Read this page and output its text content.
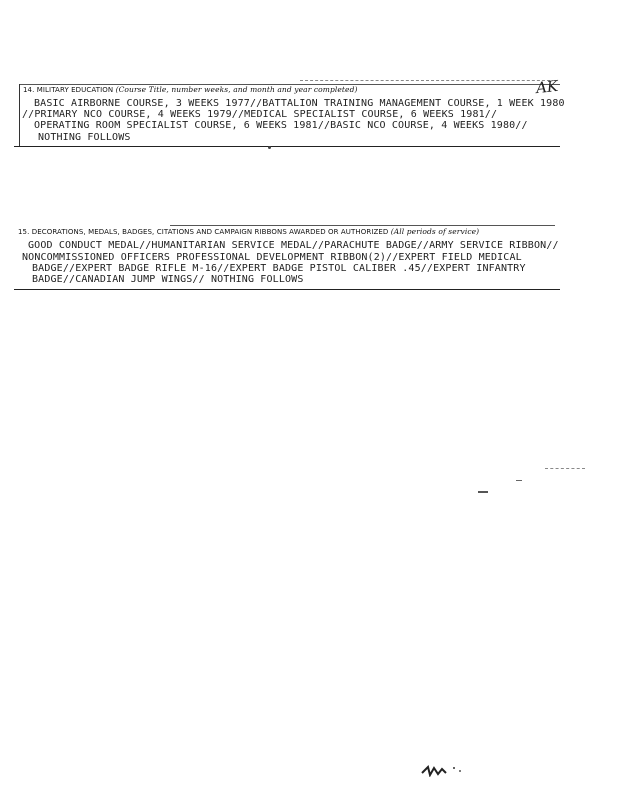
14. MILITARY EDUCATION (Course Title, number weeks, and month and year completed)
BASIC AIRBORNE COURSE, 3 WEEKS 1977//BATTALION TRAINING MANAGEMENT COURSE, 1 WEEK 1980
//PRIMARY NCO COURSE, 4 WEEKS 1979//MEDICAL SPECIALIST COURSE, 6 WEEKS 1981//
OPERATING ROOM SPECIALIST COURSE, 6 WEEKS 1981//BASIC NCO COURSE, 4 WEEKS 1980//
NOTHING FOLLOWS
AK
15. DECORATIONS, MEDALS, BADGES, CITATIONS AND CAMPAIGN RIBBONS AWARDED OR AUTHORIZED (All periods of service)
GOOD CONDUCT MEDAL//HUMANITARIAN SERVICE MEDAL//PARACHUTE BADGE//ARMY SERVICE RIBBON//
NONCOMMISSIONED OFFICERS PROFESSIONAL DEVELOPMENT RIBBON(2)//EXPERT FIELD MEDICAL
BADGE//EXPERT BADGE RIFLE M-16//EXPERT BADGE PISTOL CALIBER .45//EXPERT INFANTRY
BADGE//CANADIAN JUMP WINGS// NOTHING FOLLOWS
